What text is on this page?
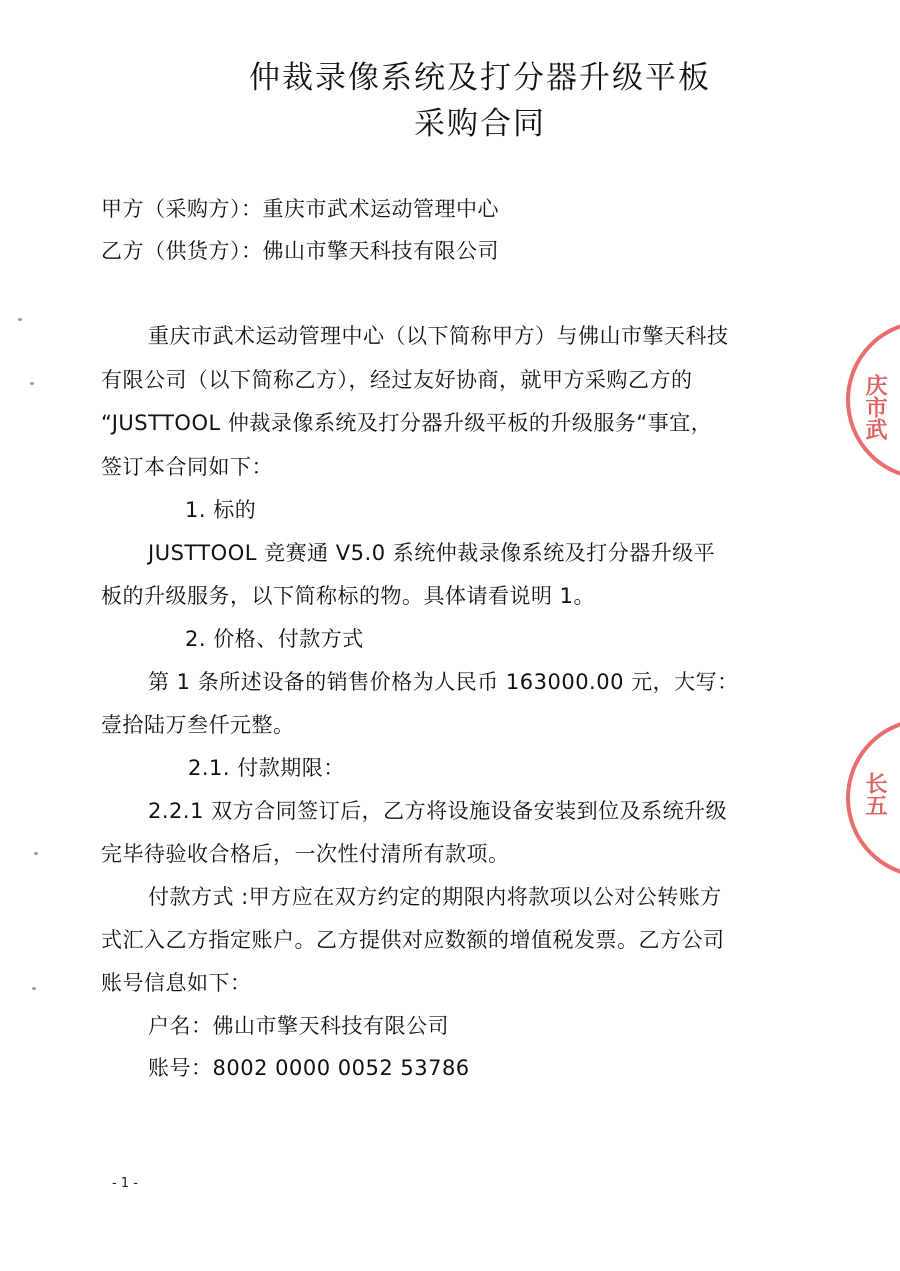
仲裁录像系统及打分器升级平板
采购合同
甲方（采购方）：重庆市武术运动管理中心
乙方（供货方）：佛山市擎天科技有限公司
重庆市武术运动管理中心（以下简称甲方）与佛山市擎天科技
有限公司（以下简称乙方），经过友好协商，就甲方采购乙方的
“JUSTTOOL 仲裁录像系统及打分器升级平板的升级服务“事宜，
签订本合同如下：
1. 标的
JUSTTOOL 竞赛通 V5.0 系统仲裁录像系统及打分器升级平
板的升级服务，以下简称标的物。具体请看说明 1。
2. 价格、付款方式
第 1 条所述设备的销售价格为人民币 163000.00 元，大写：
壹拾陆万叁仟元整。
2.1. 付款期限：
2.2.1 双方合同签订后，乙方将设施设备安装到位及系统升级
完毕待验收合格后，一次性付清所有款项。
付款方式 :甲方应在双方约定的期限内将款项以公对公转账方
式汇入乙方指定账户。乙方提供对应数额的增值税发票。乙方公司
账号信息如下：
户名：佛山市擎天科技有限公司
账号：8002 0000 0052 53786
- 1 -
庆市武
长五
